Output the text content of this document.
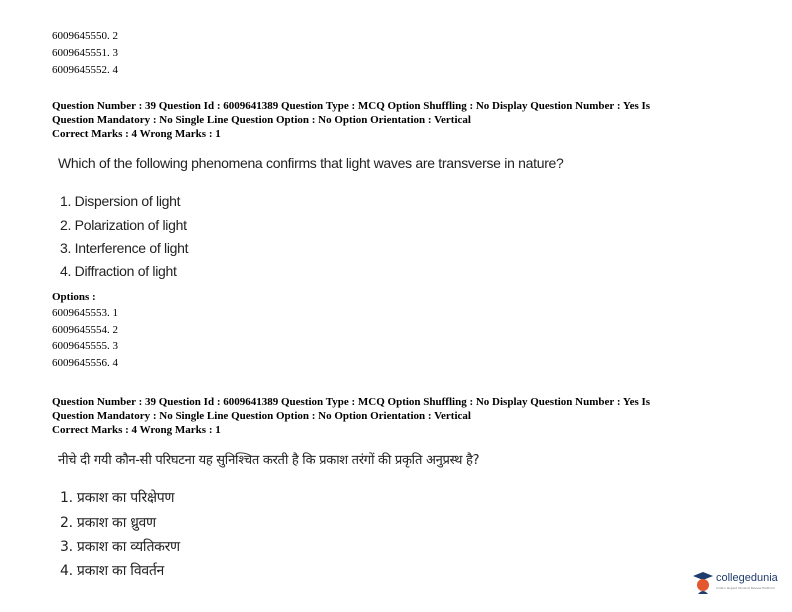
6009645550. 2
6009645551. 3
6009645552. 4
Question Number : 39 Question Id : 6009641389 Question Type : MCQ Option Shuffling : No Display Question Number : Yes Is
Question Mandatory : No Single Line Question Option : No Option Orientation : Vertical
Correct Marks : 4 Wrong Marks : 1
Which of the following phenomena confirms that light waves are transverse in nature?
1. Dispersion of light
2. Polarization of light
3. Interference of light
4. Diffraction of light
Options :
6009645553. 1
6009645554. 2
6009645555. 3
6009645556. 4
Question Number : 39 Question Id : 6009641389 Question Type : MCQ Option Shuffling : No Display Question Number : Yes Is
Question Mandatory : No Single Line Question Option : No Option Orientation : Vertical
Correct Marks : 4 Wrong Marks : 1
नीचे दी गयी कौन-सी परिघटना यह सुनिश्चित करती है कि प्रकाश तरंगों की प्रकृति अनुप्रस्थ है?
1. प्रकाश का परिक्षेपण
2. प्रकाश का ध्रुवण
3. प्रकाश का व्यतिकरण
4. प्रकाश का विवर्तन	collegedunia
India's largest Student Review Platform
